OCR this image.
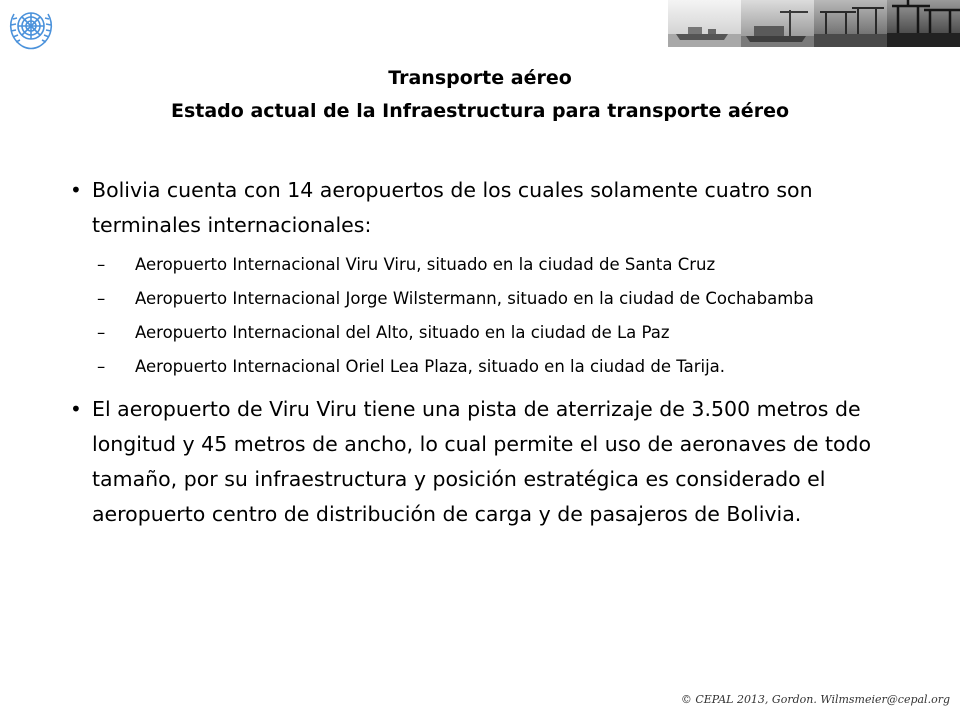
Transporte aéreo
Estado actual de la Infraestructura para transporte aéreo
• Bolivia cuenta con 14 aeropuertos de los cuales solamente cuatro son terminales internacionales:
– Aeropuerto Internacional Viru Viru, situado en la ciudad de Santa Cruz
– Aeropuerto Internacional Jorge Wilstermann, situado en la ciudad de Cochabamba
– Aeropuerto Internacional del Alto, situado en la ciudad de La Paz
– Aeropuerto Internacional Oriel Lea Plaza, situado en la ciudad de Tarija.
• El aeropuerto de Viru Viru tiene una pista de aterrizaje de 3.500 metros de longitud y 45 metros de ancho, lo cual permite el uso de aeronaves de todo tamaño, por su infraestructura y posición estratégica es considerado el aeropuerto centro de distribución de carga y de pasajeros de Bolivia.
© CEPAL 2013, Gordon. Wilmsmeier@cepal.org
